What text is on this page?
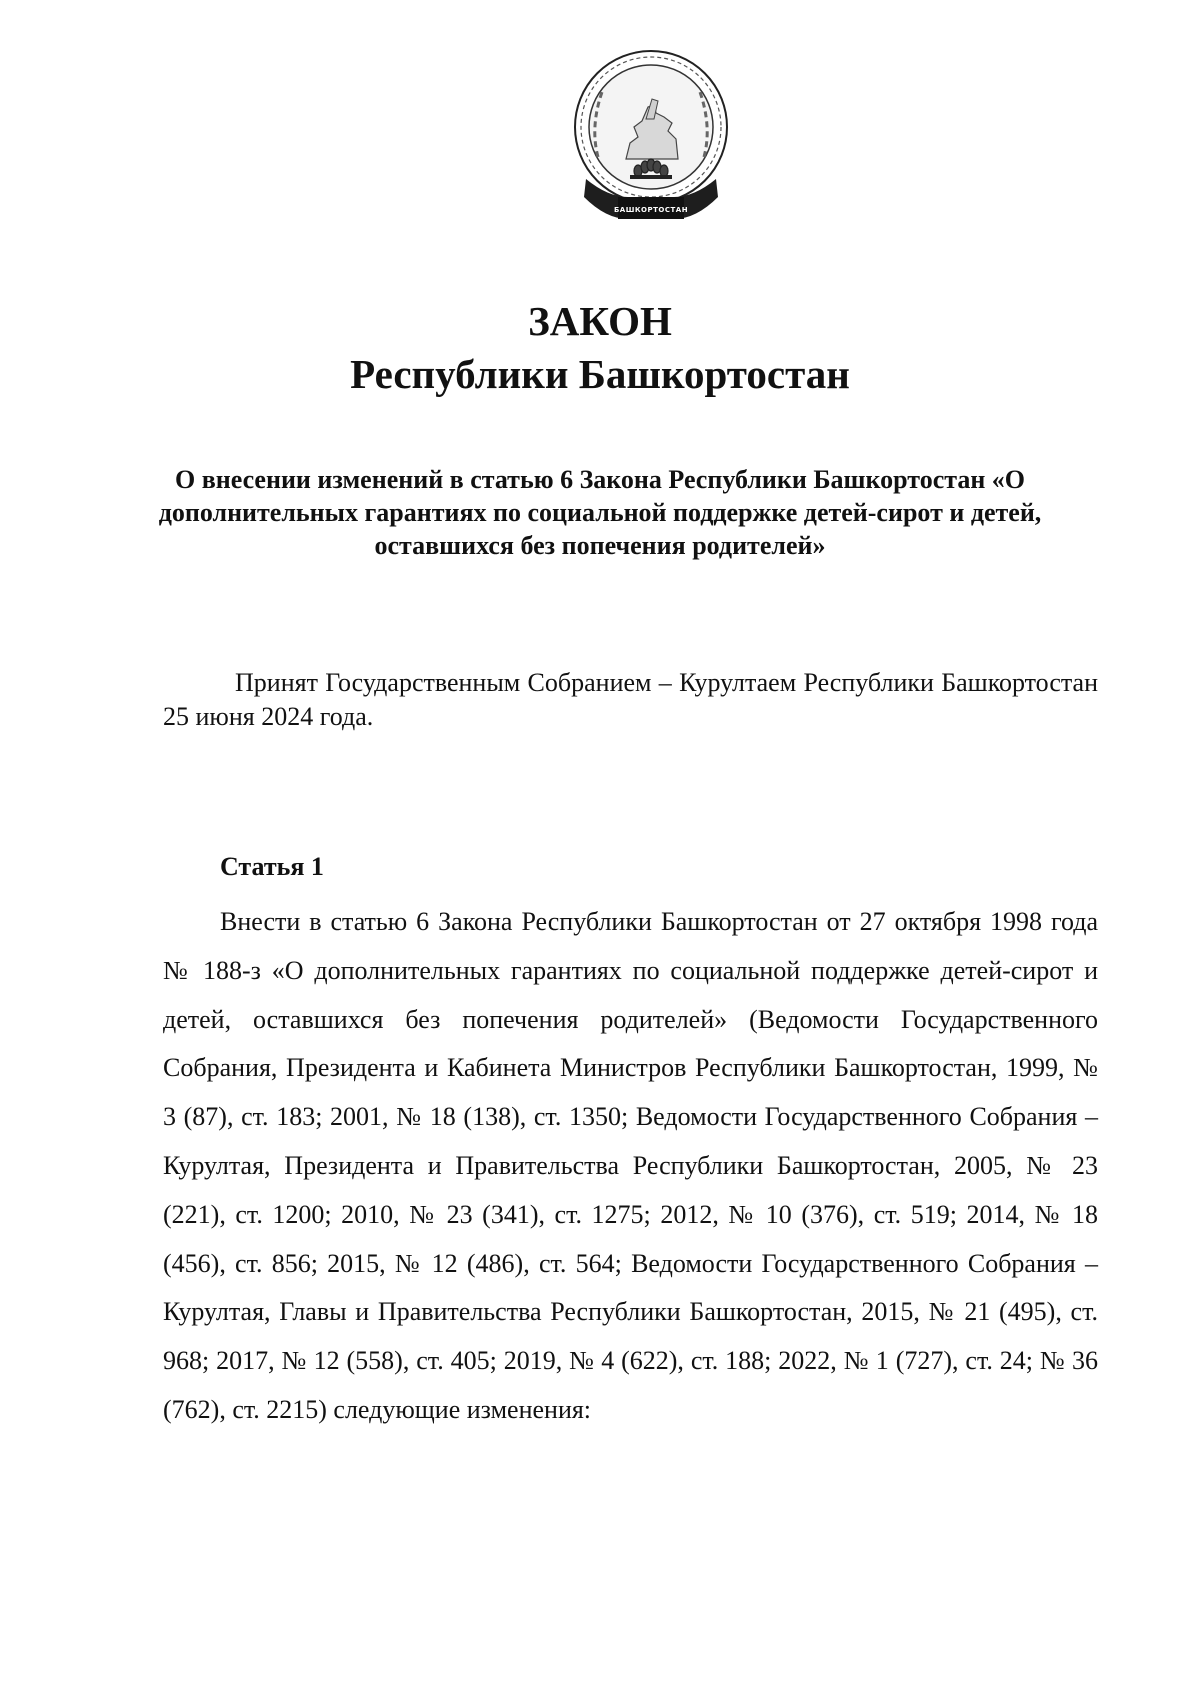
БАШКОРТОСТАН
ЗАКОН
Республики Башкортостан
О внесении изменений в статью 6 Закона Республики Башкортостан «О дополнительных гарантиях по социальной поддержке детей-сирот и детей, оставшихся без попечения родителей»
Принят Государственным Собранием – Курултаем Республики Башкортостан 25 июня 2024 года.
Статья 1
Внести в статью 6 Закона Республики Башкортостан от 27 октября 1998 года № 188-з «О дополнительных гарантиях по социальной поддержке детей-сирот и детей, оставшихся без попечения родителей» (Ведомости Государственного Собрания, Президента и Кабинета Министров Республики Башкортостан, 1999, № 3 (87), ст. 183; 2001, № 18 (138), ст. 1350; Ведомости Государственного Собрания – Курултая, Президента и Правительства Республики Башкортостан, 2005, № 23 (221), ст. 1200; 2010, № 23 (341), ст. 1275; 2012, № 10 (376), ст. 519; 2014, № 18 (456), ст. 856; 2015, № 12 (486), ст. 564; Ведомости Государственного Собрания – Курултая, Главы и Правительства Республики Башкортостан, 2015, № 21 (495), ст. 968; 2017, № 12 (558), ст. 405; 2019, № 4 (622), ст. 188; 2022, № 1 (727), ст. 24; № 36 (762), ст. 2215) следующие изменения:
